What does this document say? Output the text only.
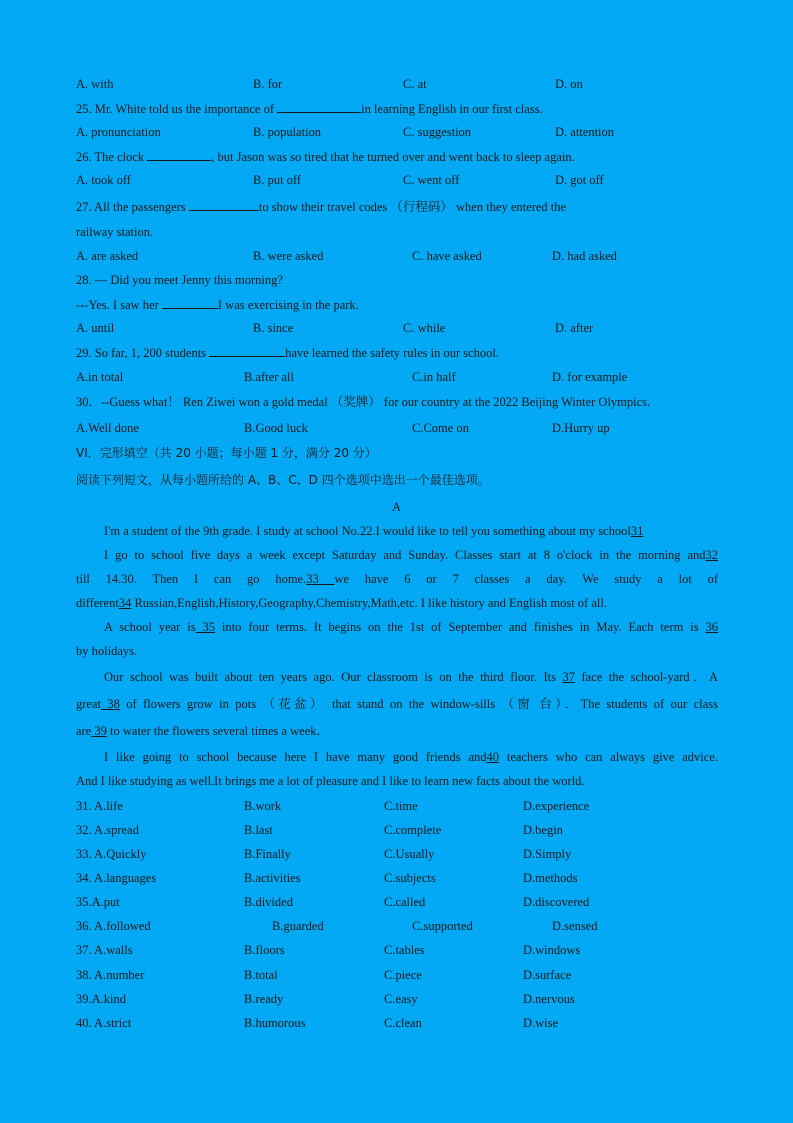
A. with	B. for	C. at	D. on
25. Mr. White told us the importance of	in learning English in our first class.
A. pronunciation	B. population	C. suggestion	D. attention
26. The clock	, but Jason was so tired that he turned over and went back to sleep again.
A. took off	B. put off	C. went off	D. got off
27. All the passengers	to show their travel codes （行程码） when they entered the
railway station.
A. are asked	B. were asked	C. have asked	D. had asked
28. — Did you meet Jenny this morning?
---Yes. I saw her	I was exercising in the park.
A. until	B. since	C. while	D. after
29. So far, 1, 200 students	have learned the safety rules in our school.
A.in total	B.after all	C.in half	D. for example
30．--Guess what！ Ren Ziwei won a gold medal （奖牌） for our country at the 2022 Beijing Winter Olympics.
A.Well done	B.Good luck	C.Come on	D.Hurry up
VI．完形填空（共 20 小题；每小题 1 分，满分 20 分）
阅读下列短文，从每小题所给的 A、B、C、D 四个选项中选出一个最佳选项。
A
I'm a student of the 9th grade. I study at school No.22.I would like to tell you something about my school31
I go to school five days a week except Saturday and Sunday. Classes start at 8 o'clock in the morning and32
till 14.30. Then I can go home.33 we have 6 or 7 classes a day. We study a lot of
different34 Russian,English,History,Geography,Chemistry,Math,etc. I like history and English most of all.
A school year is 35 into four terms. It begins on the 1st of September and finishes in May. Each term is 36
by holidays.
Our school was built about ten years ago. Our classroom is on the third floor. Its 37 face the school-yard．A
great 38 of flowers grow in pots （花盆） that stand on the window-sills （窗 台）．The students of our class
are 39 to water the flowers several times a week．
I like going to school because here I have many good friends and40 teachers who can always give advice.
And I like studying as well.It brings me a lot of pleasure and I like to learn new facts about the world.
31. A.life	B.work	C.time	D.experience
32. A.spread	B.last	C.complete	D.begin
33. A.Quickly	B.Finally	C.Usually	D.Simply
34. A.languages	B.activities	C.subjects	D.methods
35.A.put	B.divided	C.called	D.discovered
36. A.followed	B.guarded	C.supported	D.sensed
37. A.walls	B.floors	C.tables	D.windows
38. A.number	B.total	C.piece	D.surface
39.A.kind	B.ready	C.easy	D.nervous
40. A.strict	B.humorous	C.clean	D.wise
